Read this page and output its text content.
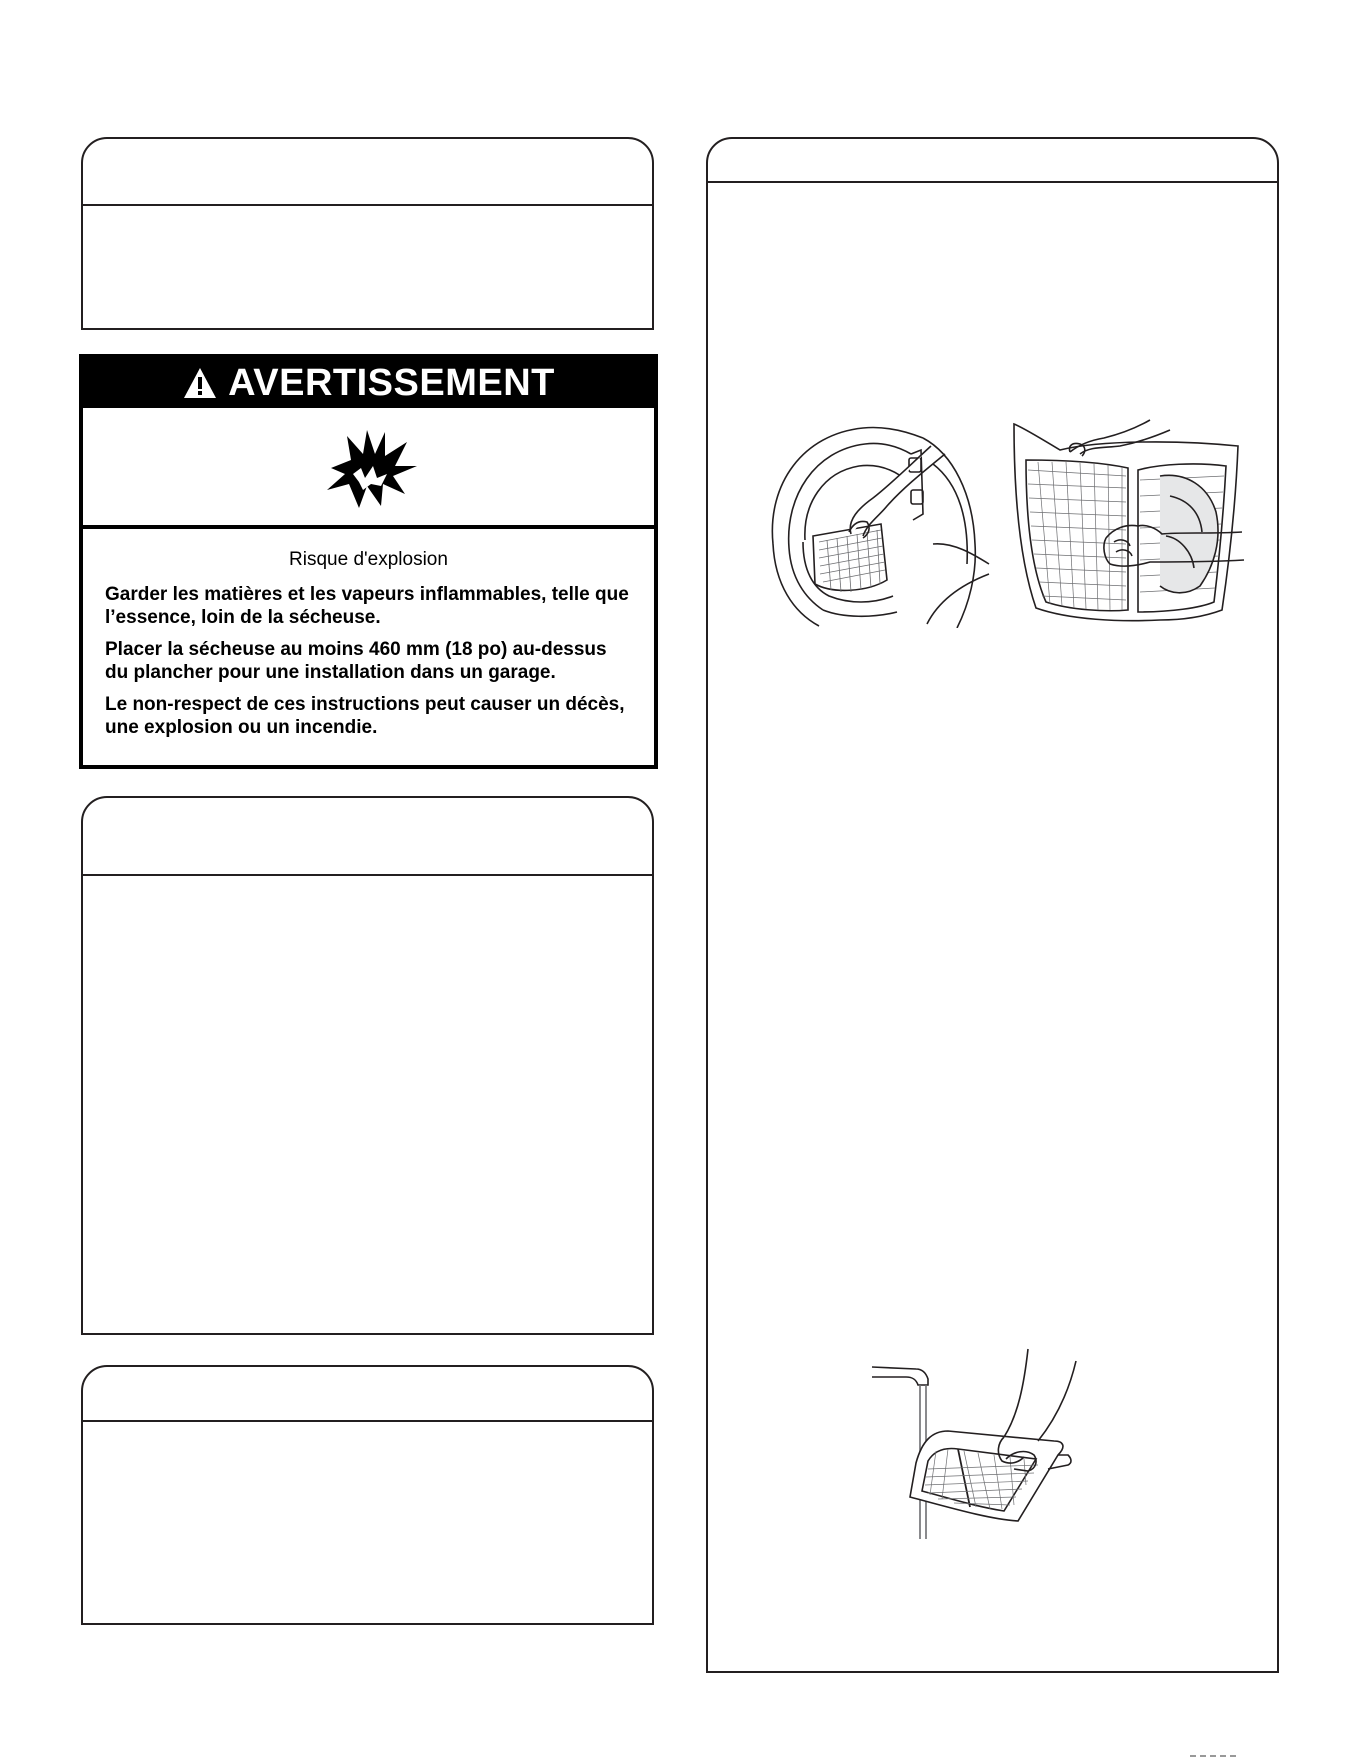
AVERTISSEMENT
Risque d'explosion

Garder les matières et les vapeurs inflammables, telle que l’essence, loin de la sécheuse.

Placer la sécheuse au moins 460 mm (18 po) au-dessus du plancher pour une installation dans un garage.

Le non-respect de ces instructions peut causer un décès, une explosion ou un incendie.
